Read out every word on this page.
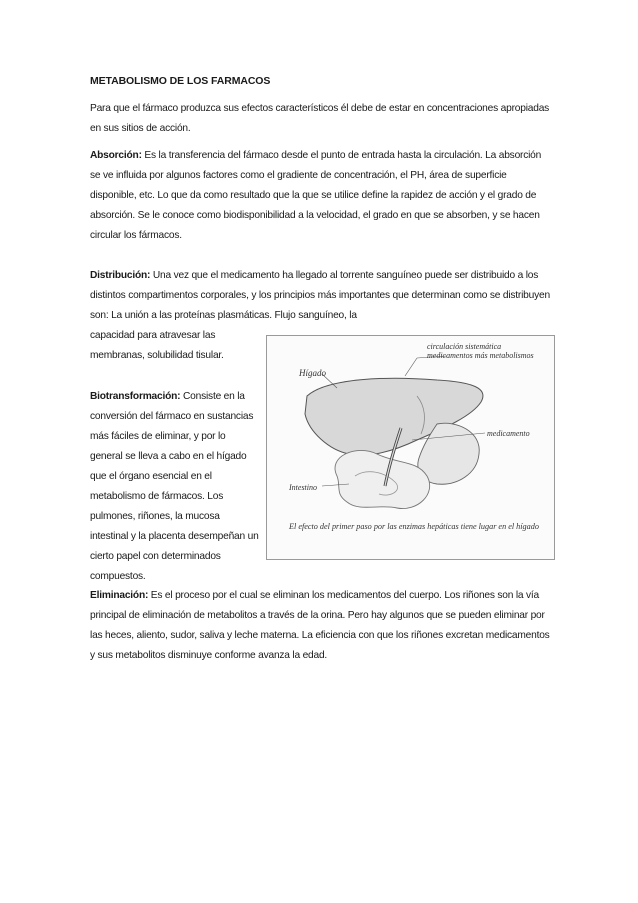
METABOLISMO DE LOS FARMACOS
Para que el fármaco produzca sus efectos característicos él debe de estar en concentraciones apropiadas en sus sitios de acción.
Absorción: Es la transferencia del fármaco desde el punto de entrada hasta la circulación. La absorción se ve influida por algunos factores como el gradiente de concentración, el PH, área de superficie disponible, etc. Lo que da como resultado que la que se utilice define la rapidez de acción y el grado de absorción. Se le conoce como biodisponibilidad a la velocidad, el grado en que se absorben, y se hacen circular los fármacos.
Distribución: Una vez que el medicamento ha llegado al torrente sanguíneo puede ser distribuido a los distintos compartimentos corporales, y los principios más importantes que determinan como se distribuyen son: La unión a las proteínas plasmáticas. Flujo sanguíneo, la
capacidad para atravesar las membranas, solubilidad tisular.
Biotransformación: Consiste en la conversión del fármaco en sustancias más fáciles de eliminar, y por lo general se lleva a cabo en el hígado que el órgano esencial en el metabolismo de fármacos. Los pulmones, riñones, la mucosa intestinal y la placenta desempeñan un cierto papel con determinados compuestos.
Hígado
circulación sistemática medicamentos más metabolismos
medicamento
Intestino
El efecto del primer paso por las enzimas hepáticas tiene lugar en el hígado
Eliminación: Es el proceso por el cual se eliminan los medicamentos del cuerpo. Los riñones son la vía principal de eliminación de metabolitos a través de la orina. Pero hay algunos que se pueden eliminar por las heces, aliento, sudor, saliva y leche materna. La eficiencia con que los riñones excretan medicamentos y sus metabolitos disminuye conforme avanza la edad.
